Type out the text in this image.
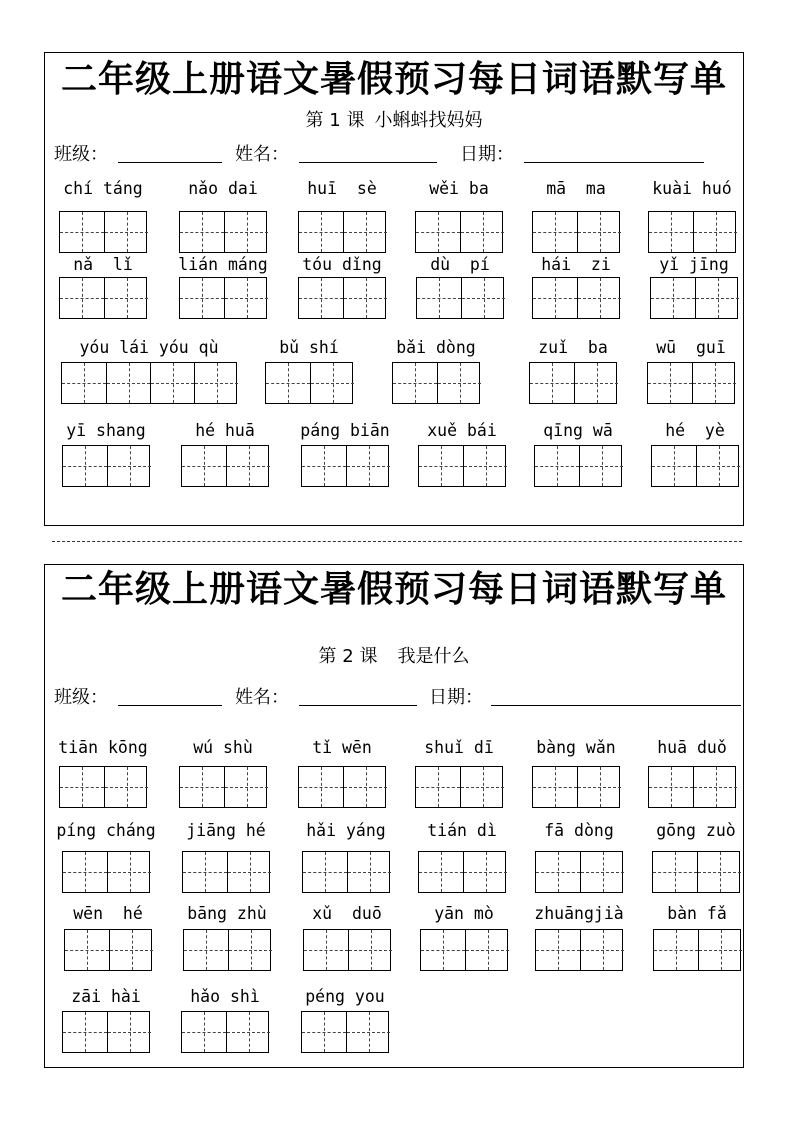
二年级上册语文暑假预习每日词语默写单
第 1 课 小蝌蚪找妈妈
班级：	姓名：	日期：
chí táng	nǎo dai	huī  sè	wěi ba	mā  ma	kuài huó
nǎ  lǐ	lián máng	tóu dǐng	dù  pí	hái  zi	yǐ jīng
yóu lái yóu qù	bǔ shí	bǎi dòng	zuǐ  ba	wū  guī
yī shang	hé huā	páng biān	xuě bái	qīng wā	hé  yè
二年级上册语文暑假预习每日词语默写单
第 2 课 我是什么
班级：	姓名：	日期：
tiān kōng	wú shù	tǐ wēn	shuǐ dī	bàng wǎn	huā duǒ
píng cháng	jiāng hé	hǎi yáng	tián dì	fā dòng	gōng zuò
wēn  hé	bāng zhù	xǔ  duō	yān mò	zhuāngjià	bàn fǎ
zāi hài	hǎo shì	péng you
